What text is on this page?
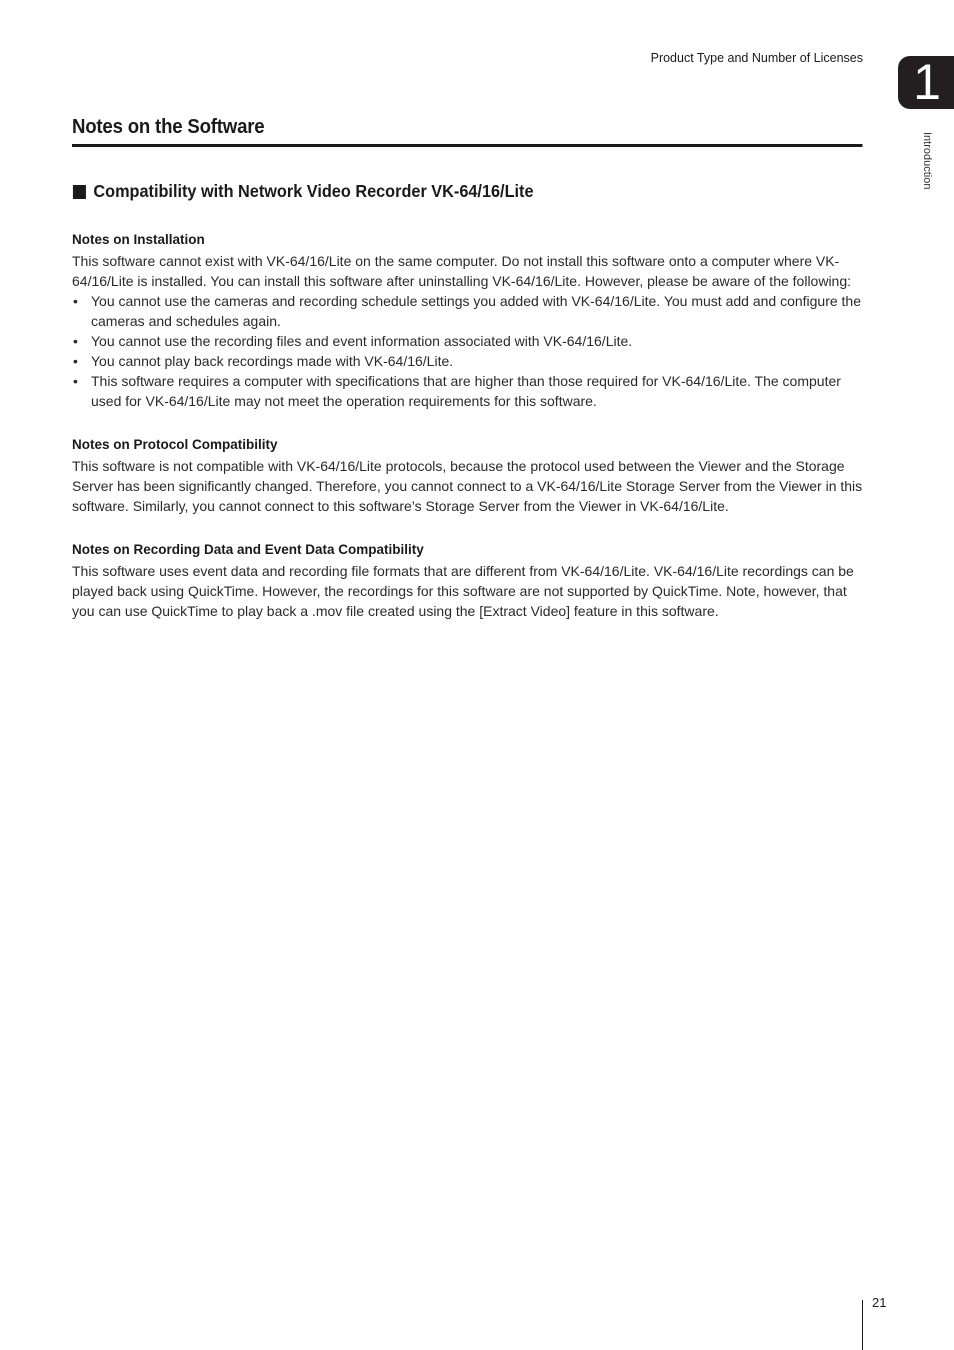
Product Type and Number of Licenses	1
Introduction
Notes on the Software
Compatibility with Network Video Recorder VK-64/16/Lite

Notes on Installation

This software cannot exist with VK-64/16/Lite on the same computer. Do not install this software onto a computer where VK-64/16/Lite is installed. You can install this software after uninstalling VK-64/16/Lite. However, please be aware of the following:

• You cannot use the cameras and recording schedule settings you added with VK-64/16/Lite. You must add and configure the cameras and schedules again.
• You cannot use the recording files and event information associated with VK-64/16/Lite.
• You cannot play back recordings made with VK-64/16/Lite.
• This software requires a computer with specifications that are higher than those required for VK-64/16/Lite. The computer used for VK-64/16/Lite may not meet the operation requirements for this software.

Notes on Protocol Compatibility

This software is not compatible with VK-64/16/Lite protocols, because the protocol used between the Viewer and the Storage Server has been significantly changed. Therefore, you cannot connect to a VK-64/16/Lite Storage Server from the Viewer in this software. Similarly, you cannot connect to this software’s Storage Server from the Viewer in VK-64/16/Lite.

Notes on Recording Data and Event Data Compatibility

This software uses event data and recording file formats that are different from VK-64/16/Lite. VK-64/16/Lite recordings can be played back using QuickTime. However, the recordings for this software are not supported by QuickTime. Note, however, that you can use QuickTime to play back a .mov file created using the [Extract Video] feature in this software.

21
